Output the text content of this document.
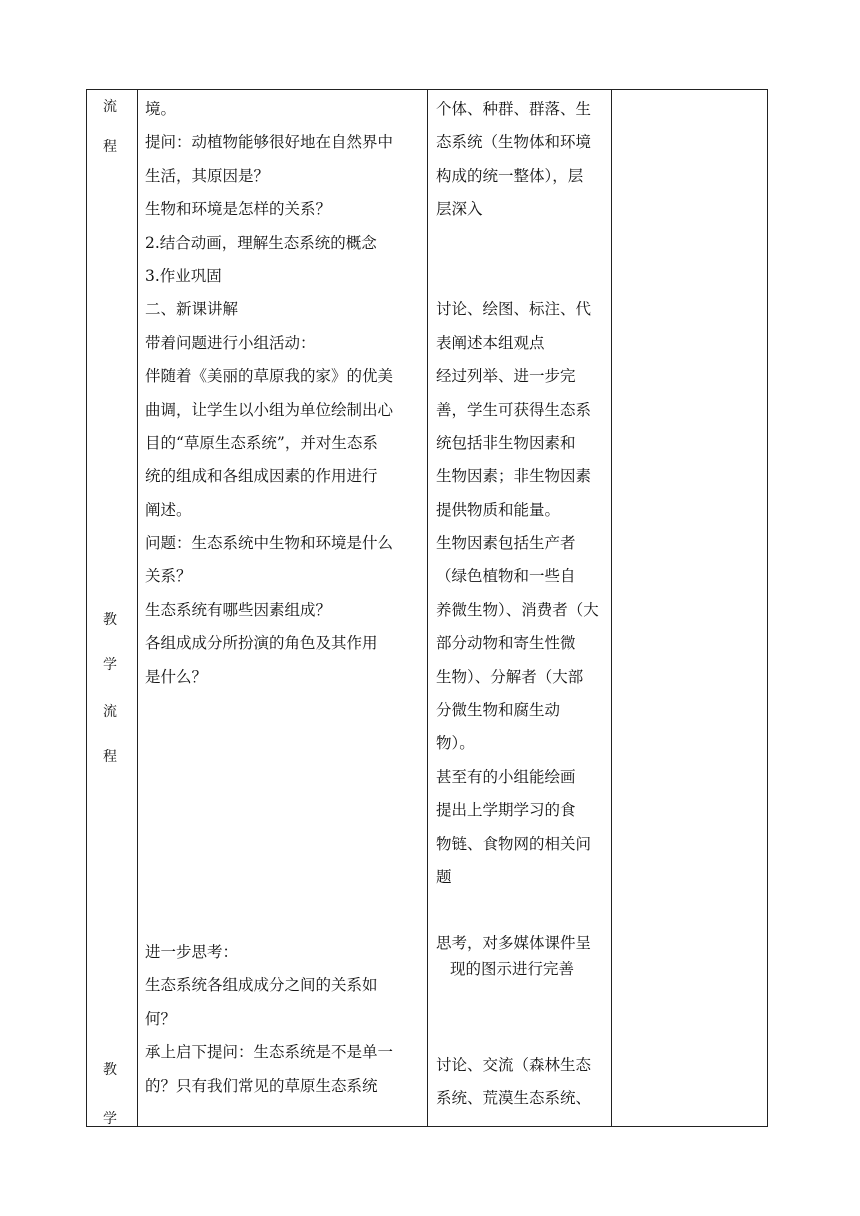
流
程
教
学
流
程
教
学

境。

提问：动植物能够很好地在自然界中

生活，其原因是？

生物和环境是怎样的关系？

2.结合动画，理解生态系统的概念

3.作业巩固

二、新课讲解

带着问题进行小组活动：

伴随着《美丽的草原我的家》的优美

曲调，让学生以小组为单位绘制出心

目的“草原生态系统”，并对生态系

统的组成和各组成因素的作用进行

阐述。

问题：生态系统中生物和环境是什么

关系？

生态系统有哪些因素组成？

各组成成分所扮演的角色及其作用

是什么？

进一步思考：

生态系统各组成成分之间的关系如

何？

承上启下提问：生态系统是不是单一

的？只有我们常见的草原生态系统

个体、种群、群落、生

态系统（生物体和环境

构成的统一整体），层

层深入

讨论、绘图、标注、代

表阐述本组观点

经过列举、进一步完

善，学生可获得生态系

统包括非生物因素和

生物因素；非生物因素

提供物质和能量。

生物因素包括生产者

（绿色植物和一些自

养微生物）、消费者（大

部分动物和寄生性微

生物）、分解者（大部

分微生物和腐生动

物）。

甚至有的小组能绘画

提出上学期学习的食

物链、食物网的相关问

题

思考，对多媒体课件呈

现的图示进行完善

讨论、交流（森林生态

系统、荒漠生态系统、
